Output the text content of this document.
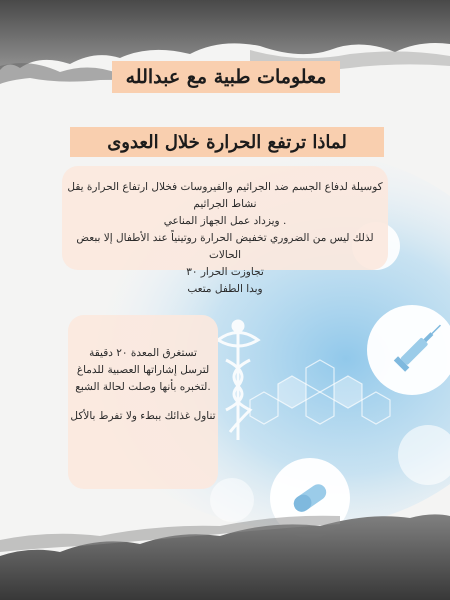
معلومات طبية مع عبدالله
لماذا ترتفع الحرارة خلال العدوى
كوسيلة لدفاع الجسم ضد الجراثيم والفيروسات فخلال ارتفاع الحرارة يقل نشاط الجراثيم
. ويزداد عمل الجهاز المناعي
لذلك ليس من الضروري تخفيض الحرارة روتينياً عند الأطفال إلا ببعض الحالات
تجاوزت الحرار ٣٠
وبدا الطفل متعب
تستغرق المعدة ٢٠ دقيقة
لترسل إشاراتها العصبية للدماغ
.لتخبره بأنها وصلت لحالة الشبع
تناول غذائك ببطء ولا تفرط بالأكل
